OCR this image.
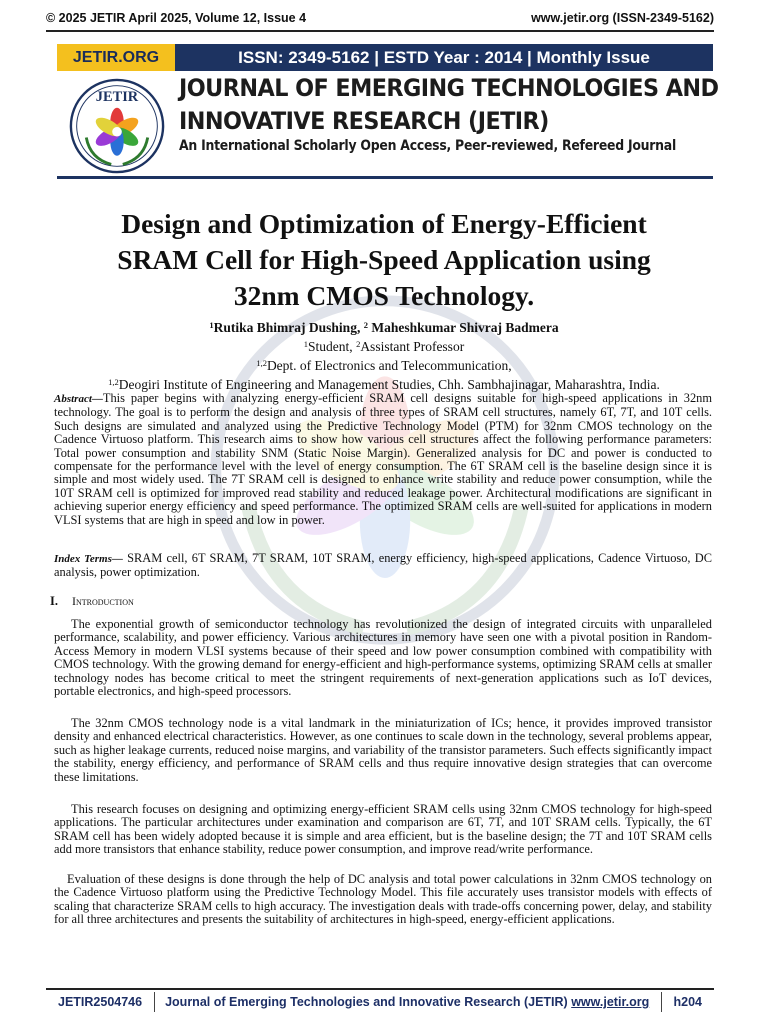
© 2025 JETIR April 2025, Volume 12, Issue 4	www.jetir.org (ISSN-2349-5162)
JETIR.ORG	ISSN: 2349-5162 | ESTD Year : 2014 | Monthly Issue
JETIR JOURNAL OF EMERGING TECHNOLOGIES AND
INNOVATIVE RESEARCH (JETIR)
An International Scholarly Open Access, Peer-reviewed, Refereed Journal
Design and Optimization of Energy-Efficient
SRAM Cell for High-Speed Application using
32nm CMOS Technology.
$^1$Rutika Bhimraj Dushing, $^2$ Maheshkumar Shivraj Badmera
$^1$Student, $^2$Assistant Professor
$^{1,2}$Dept. of Electronics and Telecommunication,
$^{1,2}$Deogiri Institute of Engineering and Management Studies, Chh. Sambhajinagar, Maharashtra, India.
Abstract—This paper begins with analyzing energy-efficient SRAM cell designs suitable for high-speed applications in 32nm technology. The goal is to perform the design and analysis of three types of SRAM cell structures, namely 6T, 7T, and 10T cells. Such designs are simulated and analyzed using the Predictive Technology Model (PTM) for 32nm CMOS technology on the Cadence Virtuoso platform. This research aims to show how various cell structures affect the following performance parameters: Total power consumption and stability SNM (Static Noise Margin). Generalized analysis for DC and power is conducted to compensate for the performance level with the level of energy consumption. The 6T SRAM cell is the baseline design since it is simple and most widely used. The 7T SRAM cell is designed to enhance write stability and reduce power consumption, while the 10T SRAM cell is optimized for improved read stability and reduced leakage power. Architectural modifications are significant in achieving superior energy efficiency and speed performance. The optimized SRAM cells are well-suited for applications in modern VLSI systems that are high in speed and low in power.
Index Terms— SRAM cell, 6T SRAM, 7T SRAM, 10T SRAM, energy efficiency, high-speed applications, Cadence Virtuoso, DC analysis, power optimization.
I. Introduction
The exponential growth of semiconductor technology has revolutionized the design of integrated circuits with unparalleled performance, scalability, and power efficiency. Various architectures in memory have seen one with a pivotal position in Random-Access Memory in modern VLSI systems because of their speed and low power consumption combined with compatibility with CMOS technology. With the growing demand for energy-efficient and high-performance systems, optimizing SRAM cells at smaller technology nodes has become critical to meet the stringent requirements of next-generation applications such as IoT devices, portable electronics, and high-speed processors.
The 32nm CMOS technology node is a vital landmark in the miniaturization of ICs; hence, it provides improved transistor density and enhanced electrical characteristics. However, as one continues to scale down in the technology, several problems appear, such as higher leakage currents, reduced noise margins, and variability of the transistor parameters. Such effects significantly impact the stability, energy efficiency, and performance of SRAM cells and thus require innovative design strategies that can overcome these limitations.
This research focuses on designing and optimizing energy-efficient SRAM cells using 32nm CMOS technology for high-speed applications. The particular architectures under examination and comparison are 6T, 7T, and 10T SRAM cells. Typically, the 6T SRAM cell has been widely adopted because it is simple and area efficient, but is the baseline design; the 7T and 10T SRAM cells add more transistors that enhance stability, reduce power consumption, and improve read/write performance.
Evaluation of these designs is done through the help of DC analysis and total power calculations in 32nm CMOS technology on the Cadence Virtuoso platform using the Predictive Technology Model. This file accurately uses transistor models with effects of scaling that characterize SRAM cells to high accuracy. The investigation deals with trade-offs concerning power, delay, and stability for all three architectures and presents the suitability of architectures in high-speed, energy-efficient applications.
JETIR2504746	Journal of Emerging Technologies and Innovative Research (JETIR) www.jetir.org	h204
